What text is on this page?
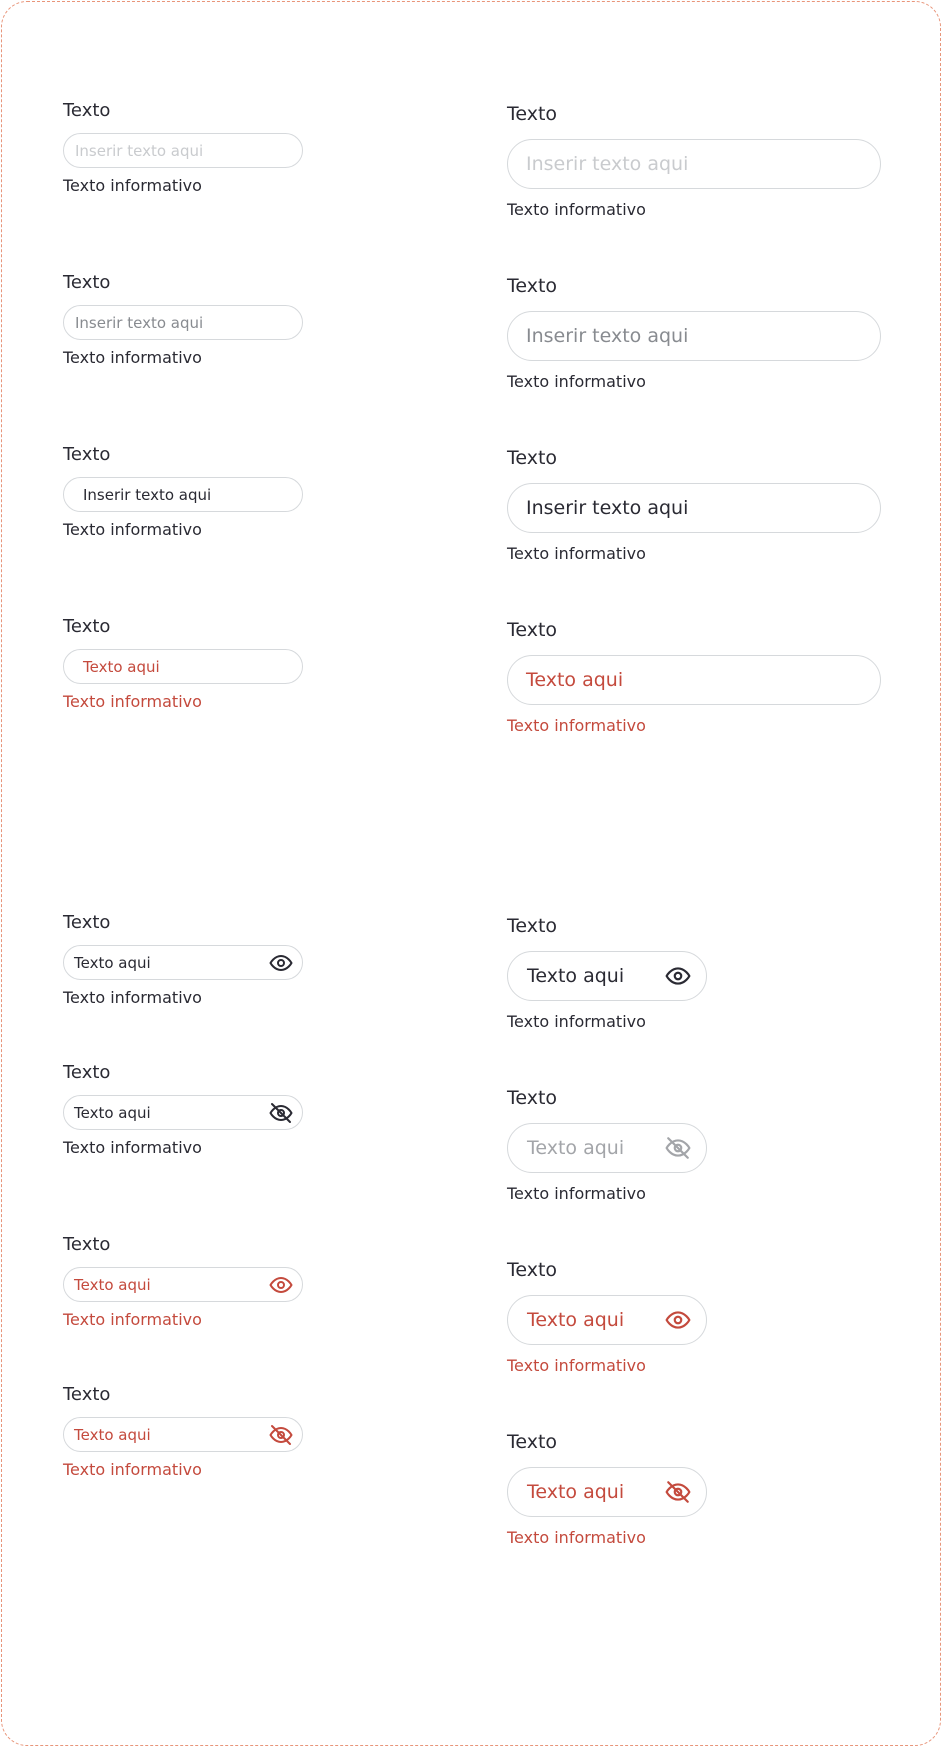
Texto
Inserir texto aqui
Texto informativo
Texto
Inserir texto aqui
Texto informativo
Texto
Inserir texto aqui
Texto informativo
Texto
Texto aqui
Texto informativo
Texto
Inserir texto aqui
Texto informativo
Texto
Inserir texto aqui
Texto informativo
Texto
Inserir texto aqui
Texto informativo
Texto
Texto aqui
Texto informativo
Texto
Texto aqui
Texto informativo
Texto
Texto aqui
Texto informativo
Texto
Texto aqui
Texto informativo
Texto
Texto aqui
Texto informativo
Texto
Texto aqui
Texto informativo
Texto
Texto aqui
Texto informativo
Texto
Texto aqui
Texto informativo
Texto
Texto aqui
Texto informativo
